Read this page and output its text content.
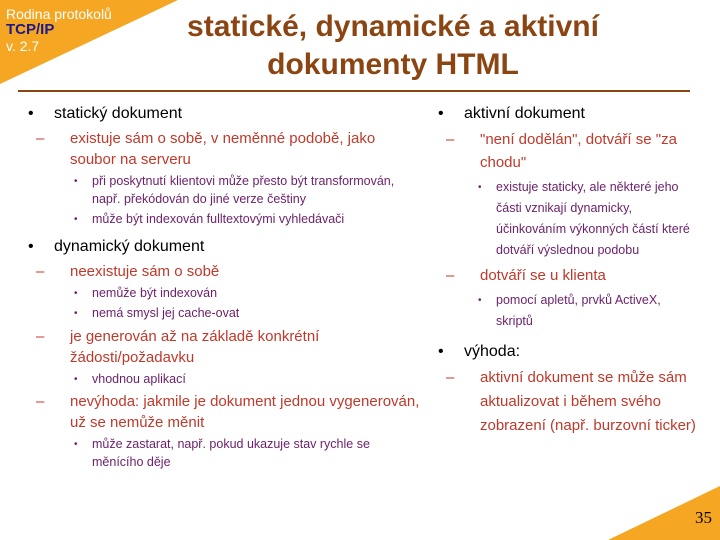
Rodina protokolů
TCP/IP
v. 2.7
statické, dynamické a aktivní
dokumenty HTML
• statický dokument
– existuje sám o sobě, v neměnné podobě, jako soubor na serveru
• při poskytnutí klientovi může přesto být transformován, např. překódován do jiné verze češtiny
• může být indexován fulltextovými vyhledávači
• dynamický dokument
– neexistuje sám o sobě
• nemůže být indexován
• nemá smysl jej cache-ovat
– je generován až na základě konkrétní žádosti/požadavku
• vhodnou aplikací
– nevýhoda: jakmile je dokument jednou vygenerován, už se nemůže měnit
• může zastarat, např. pokud ukazuje stav rychle se měnícího děje
• aktivní dokument
– "není dodělán", dotváří se "za chodu"
• existuje staticky, ale některé jeho části vznikají dynamicky, účinkováním výkonných částí které dotváří výslednou podobu
– dotváří se u klienta
• pomocí apletů, prvků ActiveX, skriptů
• výhoda:
– aktivní dokument se může sám aktualizovat i během svého zobrazení (např. burzovní ticker)
35
